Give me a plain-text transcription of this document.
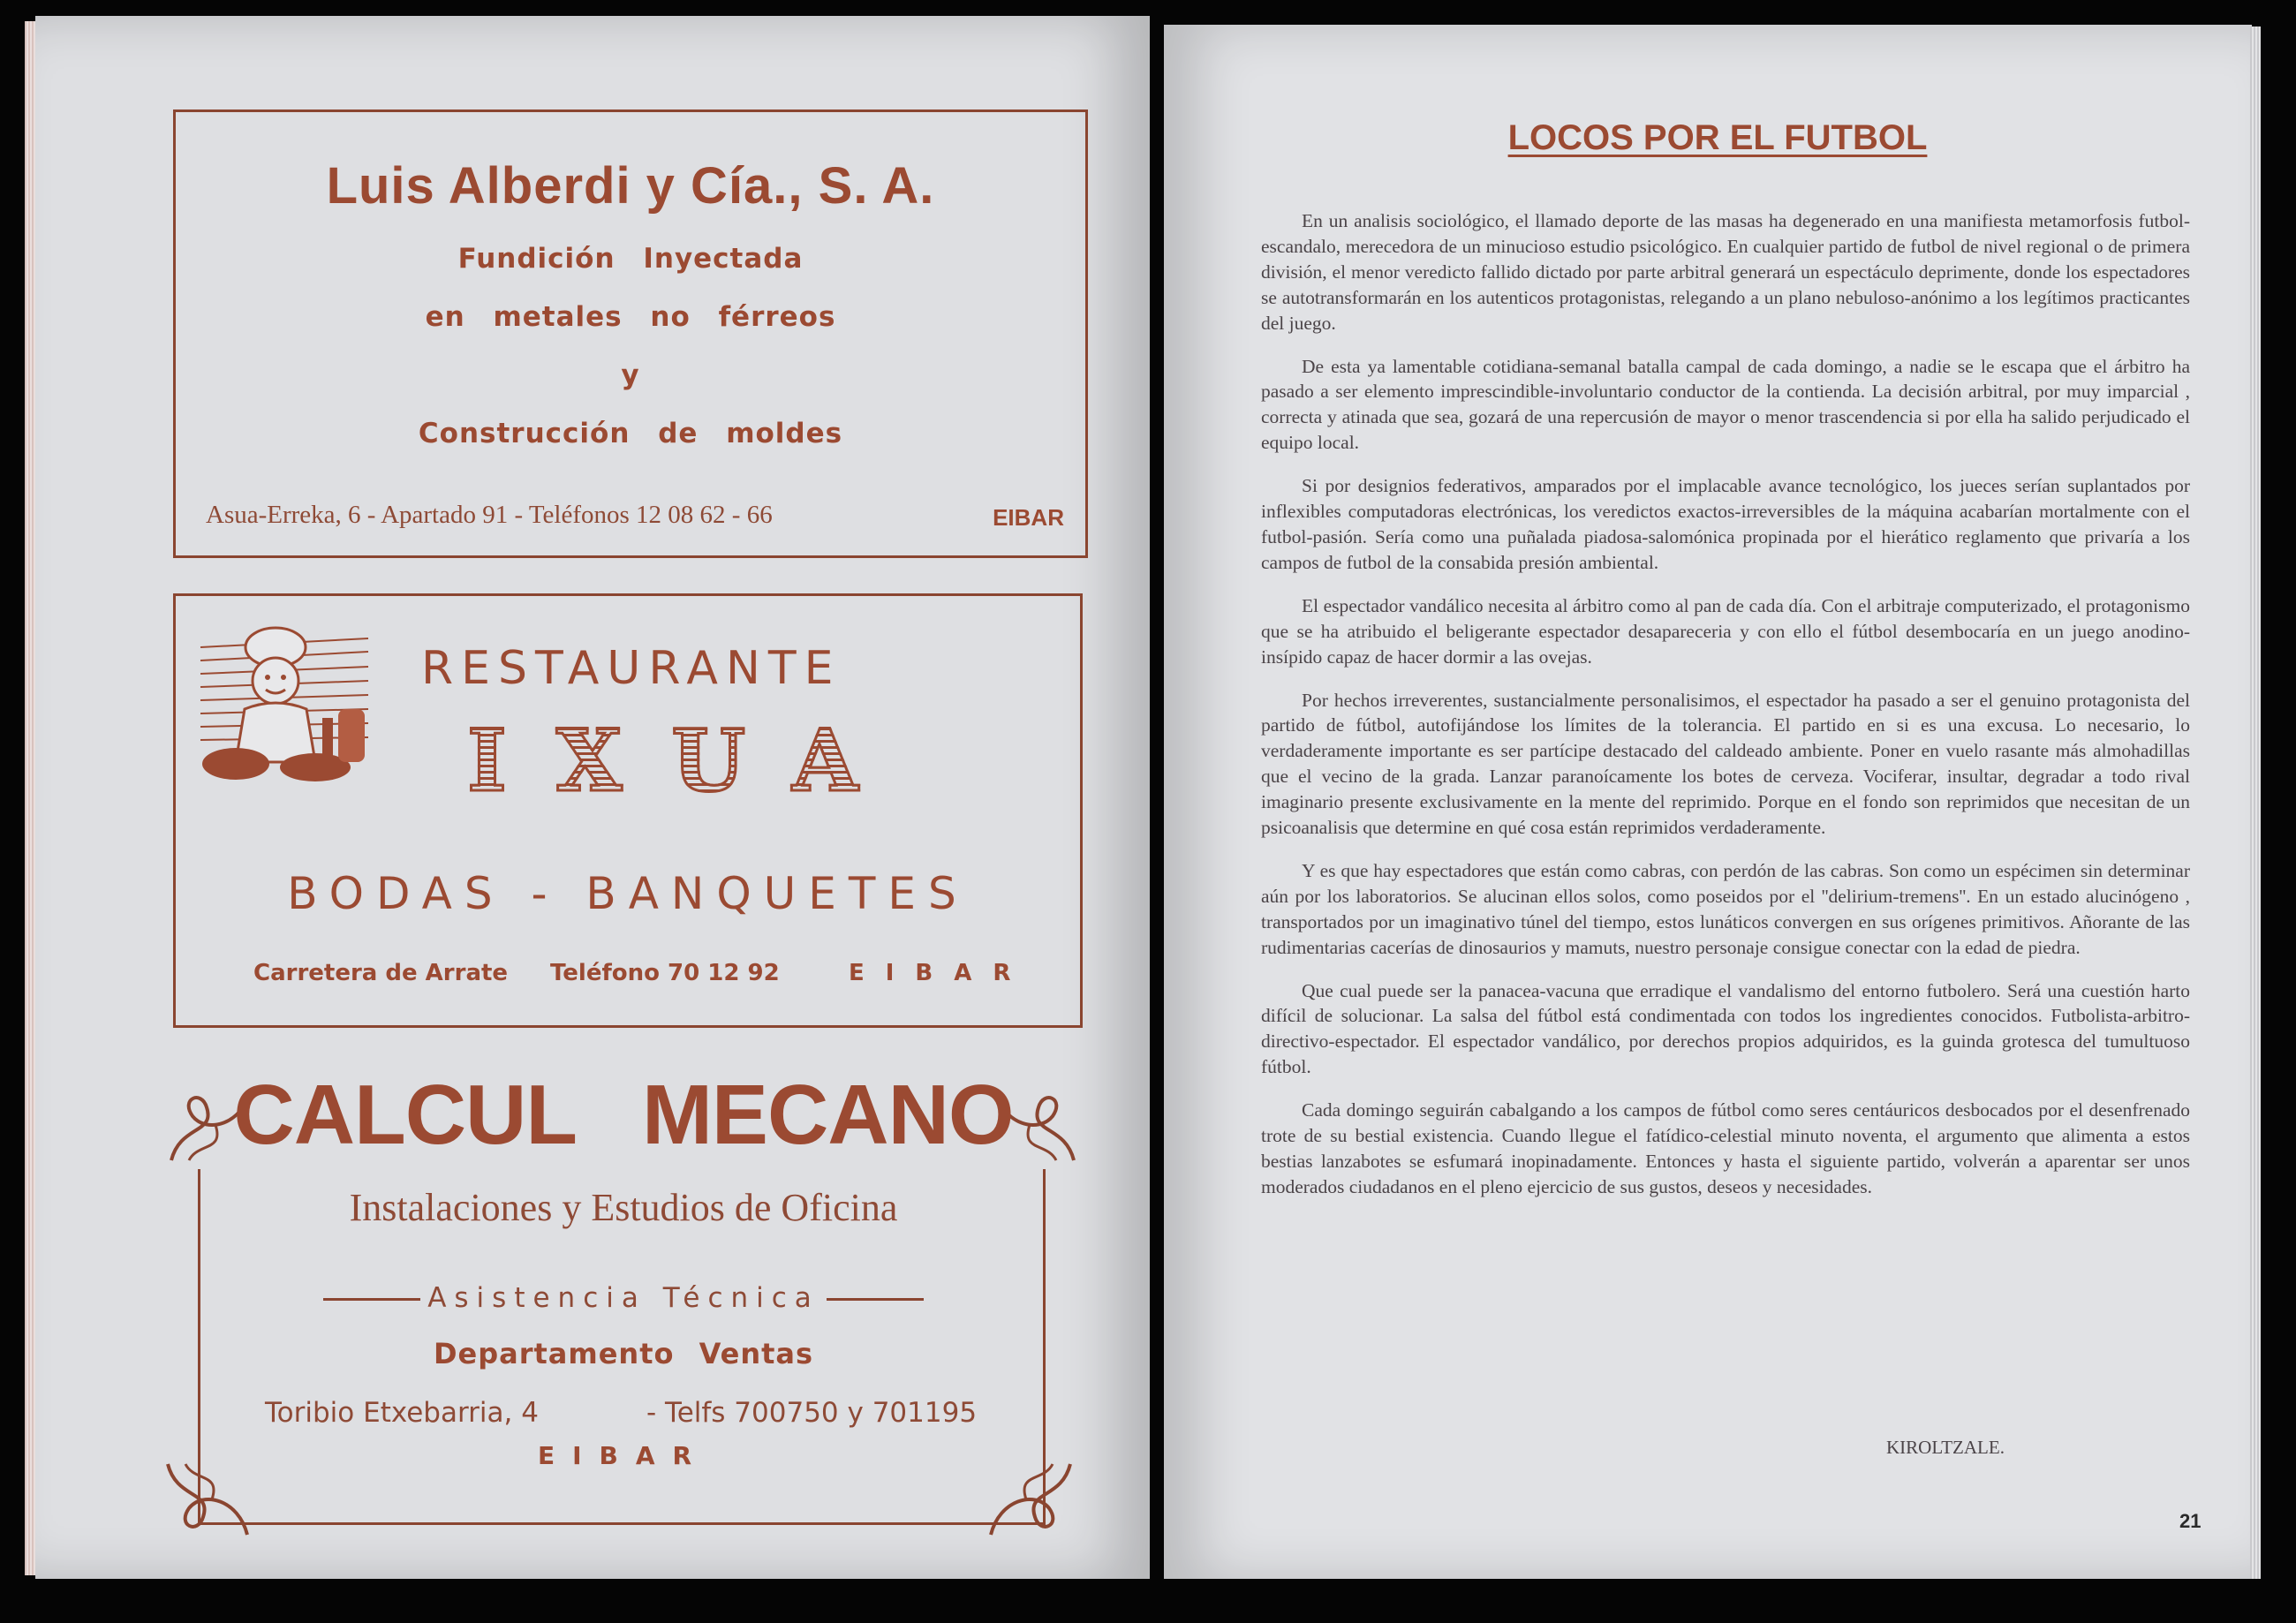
Luis Alberdi y Cía., S. A.
Fundición Inyectada
en metales no férreos
y
Construcción de moldes
Asua-Erreka, 6 - Apartado 91 - Teléfonos 12 08 62 - 66	EIBAR
RESTAURANTE
IXUA
BODAS - BANQUETES
Carretera de Arrate Teléfono 70 12 92	EIBAR
CALCUL MECANO
Instalaciones y Estudios de Oficina
Asistencia Técnica
Departamento Ventas
Toribio Etxebarria, 4	- Telfs 700750 y 701195
EIBAR
LOCOS POR EL FUTBOL

En un analisis sociológico, el llamado deporte de las masas ha degenerado en una manifiesta metamorfosis futbol-escandalo, merecedora de un minucioso estudio psicológico. En cualquier partido de futbol de nivel regional o de primera división, el menor veredicto fallido dictado por parte arbitral generará un espectáculo deprimente, donde los espectadores se autotransformarán en los autenticos protagonistas, relegando a un plano nebuloso-anónimo a los legítimos practicantes del juego.

De esta ya lamentable cotidiana-semanal batalla campal de cada domingo, a nadie se le escapa que el árbitro ha pasado a ser elemento imprescindible-involuntario conductor de la contienda. La decisión arbitral, por muy imparcial , correcta y atinada que sea, gozará de una repercusión de mayor o menor trascendencia si por ella ha salido perjudicado el equipo local.

Si por designios federativos, amparados por el implacable avance tecnológico, los jueces serían suplantados por inflexibles computadoras electrónicas, los veredictos exactos-irreversibles de la máquina acabarían mortalmente con el futbol-pasión. Sería como una puñalada piadosa-salomónica propinada por el hierático reglamento que privaría a los campos de futbol de la consabida presión ambiental.

El espectador vandálico necesita al árbitro como al pan de cada día. Con el arbitraje computerizado, el protagonismo que se ha atribuido el beligerante espectador desapareceria y con ello el fútbol desembocaría en un juego anodino-insípido capaz de hacer dormir a las ovejas.

Por hechos irreverentes, sustancialmente personalisimos, el espectador ha pasado a ser el genuino protagonista del partido de fútbol, autofijándose los límites de la tolerancia. El partido en si es una excusa. Lo necesario, lo verdaderamente importante es ser partícipe destacado del caldeado ambiente. Poner en vuelo rasante más almohadillas que el vecino de la grada. Lanzar paranoícamente los botes de cerveza. Vociferar, insultar, degradar a todo rival imaginario presente exclusivamente en la mente del reprimido. Porque en el fondo son reprimidos que necesitan de un psicoanalisis que determine en qué cosa están reprimidos verdaderamente.

Y es que hay espectadores que están como cabras, con perdón de las cabras. Son como un espécimen sin determinar aún por los laboratorios. Se alucinan ellos solos, como poseidos por el ''delirium-tremens''. En un estado alucinógeno , transportados por un imaginativo túnel del tiempo, estos lunáticos convergen en sus orígenes primitivos. Añorante de las rudimentarias cacerías de dinosaurios y mamuts, nuestro personaje consigue conectar con la edad de piedra.

Que cual puede ser la panacea-vacuna que erradique el vandalismo del entorno futbolero. Será una cuestión harto difícil de solucionar. La salsa del fútbol está condimentada con todos los ingredientes conocidos. Futbolista-arbitro-directivo-espectador. El espectador vandálico, por derechos propios adquiridos, es la guinda grotesca del tumultuoso fútbol.

Cada domingo seguirán cabalgando a los campos de fútbol como seres centáuricos desbocados por el desenfrenado trote de su bestial existencia. Cuando llegue el fatídico-celestial minuto noventa, el argumento que alimenta a estos bestias lanzabotes se esfumará inopinadamente. Entonces y hasta el siguiente partido, volverán a aparentar ser unos moderados ciudadanos en el pleno ejercicio de sus gustos, deseos y necesidades.

KIROLTZALE.
21
